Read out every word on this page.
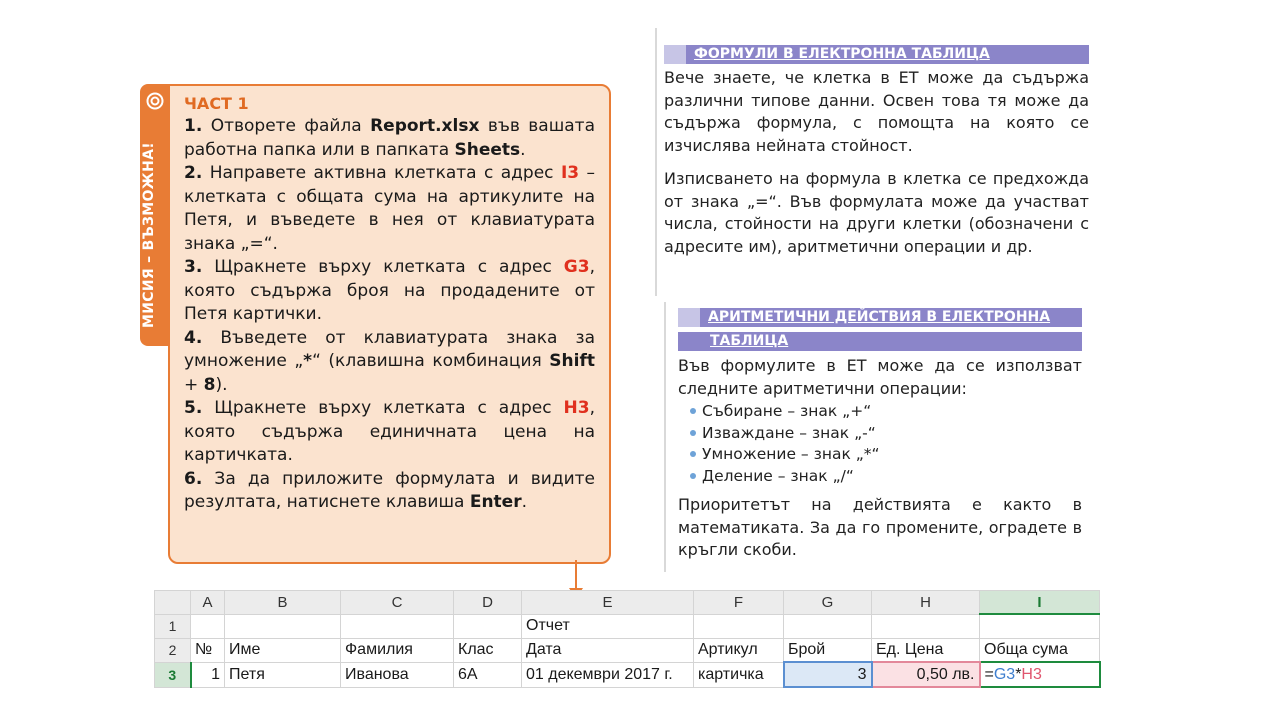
МИСИЯ – ВЪЗМОЖНА!
ЧАСТ 1

1. Отворете файла Report.xlsx във вашата работна папка или в папката Sheets.

2. Направете активна клетката с адрес I3 – клетката с общата сума на артикулите на Петя, и въведете в нея от клавиатурата знака „=“.

3. Щракнете върху клетката с адрес G3, която съдържа броя на продадените от Петя картички.

4. Въведете от клавиатурата знака за умножение „*“ (клавишна комбинация Shift + 8).

5. Щракнете върху клетката с адрес H3, която съдържа единичната цена на картичката.

6. За да приложите формулата и видите резултата, натиснете клавиша Enter.

ФОРМУЛИ В ЕЛЕКТРОННА ТАБЛИЦА
Вече знаете, че клетка в ЕТ може да съдържа различни типове данни. Освен това тя може да съдържа формула, с помощта на която се изчислява нейната стойност.
Изписването на формула в клетка се предхожда от знака „=“. Във формулата може да участват числа, стойности на други клетки (обозначени с адресите им), аритметични операции и др.
АРИТМЕТИЧНИ ДЕЙСТВИЯ В ЕЛЕКТРОННА
ТАБЛИЦА
Във формулите в ЕТ може да се използват следните аритметични операции:
Събиране – знак „+“
Изваждане – знак „-“
Умножение – знак „*“
Деление – знак „/“
Приоритетът на действията е както в математиката. За да го промените, оградете в кръгли скоби.
	A	B	C	D	E	F	G	H	I
1					Отчет				
2	№	Име	Фамилия	Клас	Дата	Артикул	Брой	Ед. Цена	Обща сума
3	1	Петя	Иванова	6А	01 декември 2017 г.	картичка	3	0,50 лв.	=G3*H3
